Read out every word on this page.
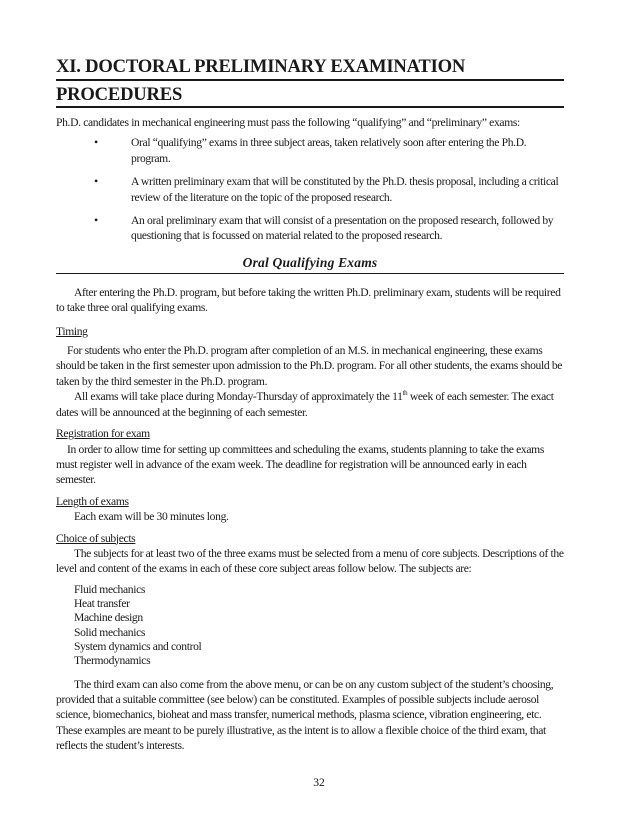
XI. DOCTORAL PRELIMINARY EXAMINATION
PROCEDURES

Ph.D. candidates in mechanical engineering must pass the following “qualifying” and “preliminary” exams:

•	Oral “qualifying” exams in three subject areas, taken relatively soon after entering the Ph.D. program.
•	A written preliminary exam that will be constituted by the Ph.D. thesis proposal, including a critical review of the literature on the topic of the proposed research.
•	An oral preliminary exam that will consist of a presentation on the proposed research, followed by questioning that is focussed on material related to the proposed research.
Oral Qualifying Exams

After entering the Ph.D. program, but before taking the written Ph.D. preliminary exam, students will be required to take three oral qualifying exams.

Timing

For students who enter the Ph.D. program after completion of an M.S. in mechanical engineering, these exams should be taken in the first semester upon admission to the Ph.D. program. For all other students, the exams should be taken by the third semester in the Ph.D. program.

All exams will take place during Monday-Thursday of approximately the 11th week of each semester. The exact dates will be announced at the beginning of each semester.

Registration for exam

In order to allow time for setting up committees and scheduling the exams, students planning to take the exams must register well in advance of the exam week. The deadline for registration will be announced early in each semester.

Length of exams

Each exam will be 30 minutes long.

Choice of subjects

The subjects for at least two of the three exams must be selected from a menu of core subjects. Descriptions of the level and content of the exams in each of these core subject areas follow below. The subjects are:

Fluid mechanics
Heat transfer
Machine design
Solid mechanics
System dynamics and control
Thermodynamics

The third exam can also come from the above menu, or can be on any custom subject of the student’s choosing, provided that a suitable committee (see below) can be constituted. Examples of possible subjects include aerosol science, biomechanics, bioheat and mass transfer, numerical methods, plasma science, vibration engineering, etc. These examples are meant to be purely illustrative, as the intent is to allow a flexible choice of the third exam, that reflects the student’s interests.

32
